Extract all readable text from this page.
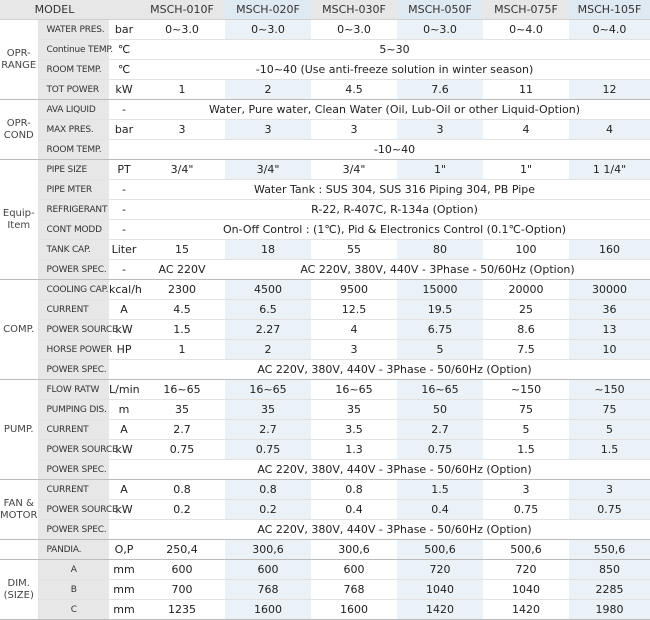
MODEL			MSCH-010F	MSCH-020F	MSCH-030F	MSCH-050F	MSCH-075F	MSCH-105F
OPR-RANGE	WATER PRES.	bar	0~3.0	0~3.0	0~3.0	0~3.0	0~4.0	0~4.0
	Continue TEMP.	℃	5~30					
	ROOM TEMP.	℃	-10~40 (Use anti-freeze solution in winter season)					
	TOT POWER	kW	1	2	4.5	7.6	11	12
OPR-COND	AVA LIQUID	-	Water, Pure water, Clean Water (Oil, Lub-Oil or other Liquid-Option)					
	MAX PRES.	bar	3	3	3	3	4	4
	ROOM TEMP.		-10~40					
Equip-Item	PIPE SIZE	PT	3/4"	3/4"	3/4"	1"	1"	1 1/4"
	PIPE MTER	-	Water Tank : SUS 304, SUS 316 Piping 304, PB Pipe					
	REFRIGERANT	-	R-22, R-407C, R-134a (Option)					
	CONT MODD	-	On-Off Control : (1℃), Pid & Electronics Control (0.1℃-Option)					
	TANK CAP.	Liter	15	18	55	80	100	160
	POWER SPEC.	-	AC 220V	AC 220V, 380V, 440V - 3Phase - 50/60Hz (Option)				
COMP.	COOLING CAP.	kcal/h	2300	4500	9500	15000	20000	30000
	CURRENT	A	4.5	6.5	12.5	19.5	25	36
	POWER SOURCE	kW	1.5	2.27	4	6.75	8.6	13
	HORSE POWER	HP	1	2	3	5	7.5	10
	POWER SPEC.		AC 220V, 380V, 440V - 3Phase - 50/60Hz (Option)					
PUMP.	FLOW RATW	L/min	16~65	16~65	16~65	16~65	~150	~150
	PUMPING DIS.	m	35	35	35	50	75	75
	CURRENT	A	2.7	2.7	3.5	2.7	5	5
	POWER SOURCE	kW	0.75	0.75	1.3	0.75	1.5	1.5
	POWER SPEC.		AC 220V, 380V, 440V - 3Phase - 50/60Hz (Option)					
FAN & MOTOR	CURRENT	A	0.8	0.8	0.8	1.5	3	3
	POWER SOURCE	kW	0.2	0.2	0.4	0.4	0.75	0.75
	POWER SPEC.		AC 220V, 380V, 440V - 3Phase - 50/60Hz (Option)					
	PANDIA.	O,P	250,4	300,6	300,6	500,6	500,6	550,6
DIM. (SIZE)	A	mm	600	600	600	720	720	850
	B	mm	700	768	768	1040	1040	2285
	C	mm	1235	1600	1600	1420	1420	1980
